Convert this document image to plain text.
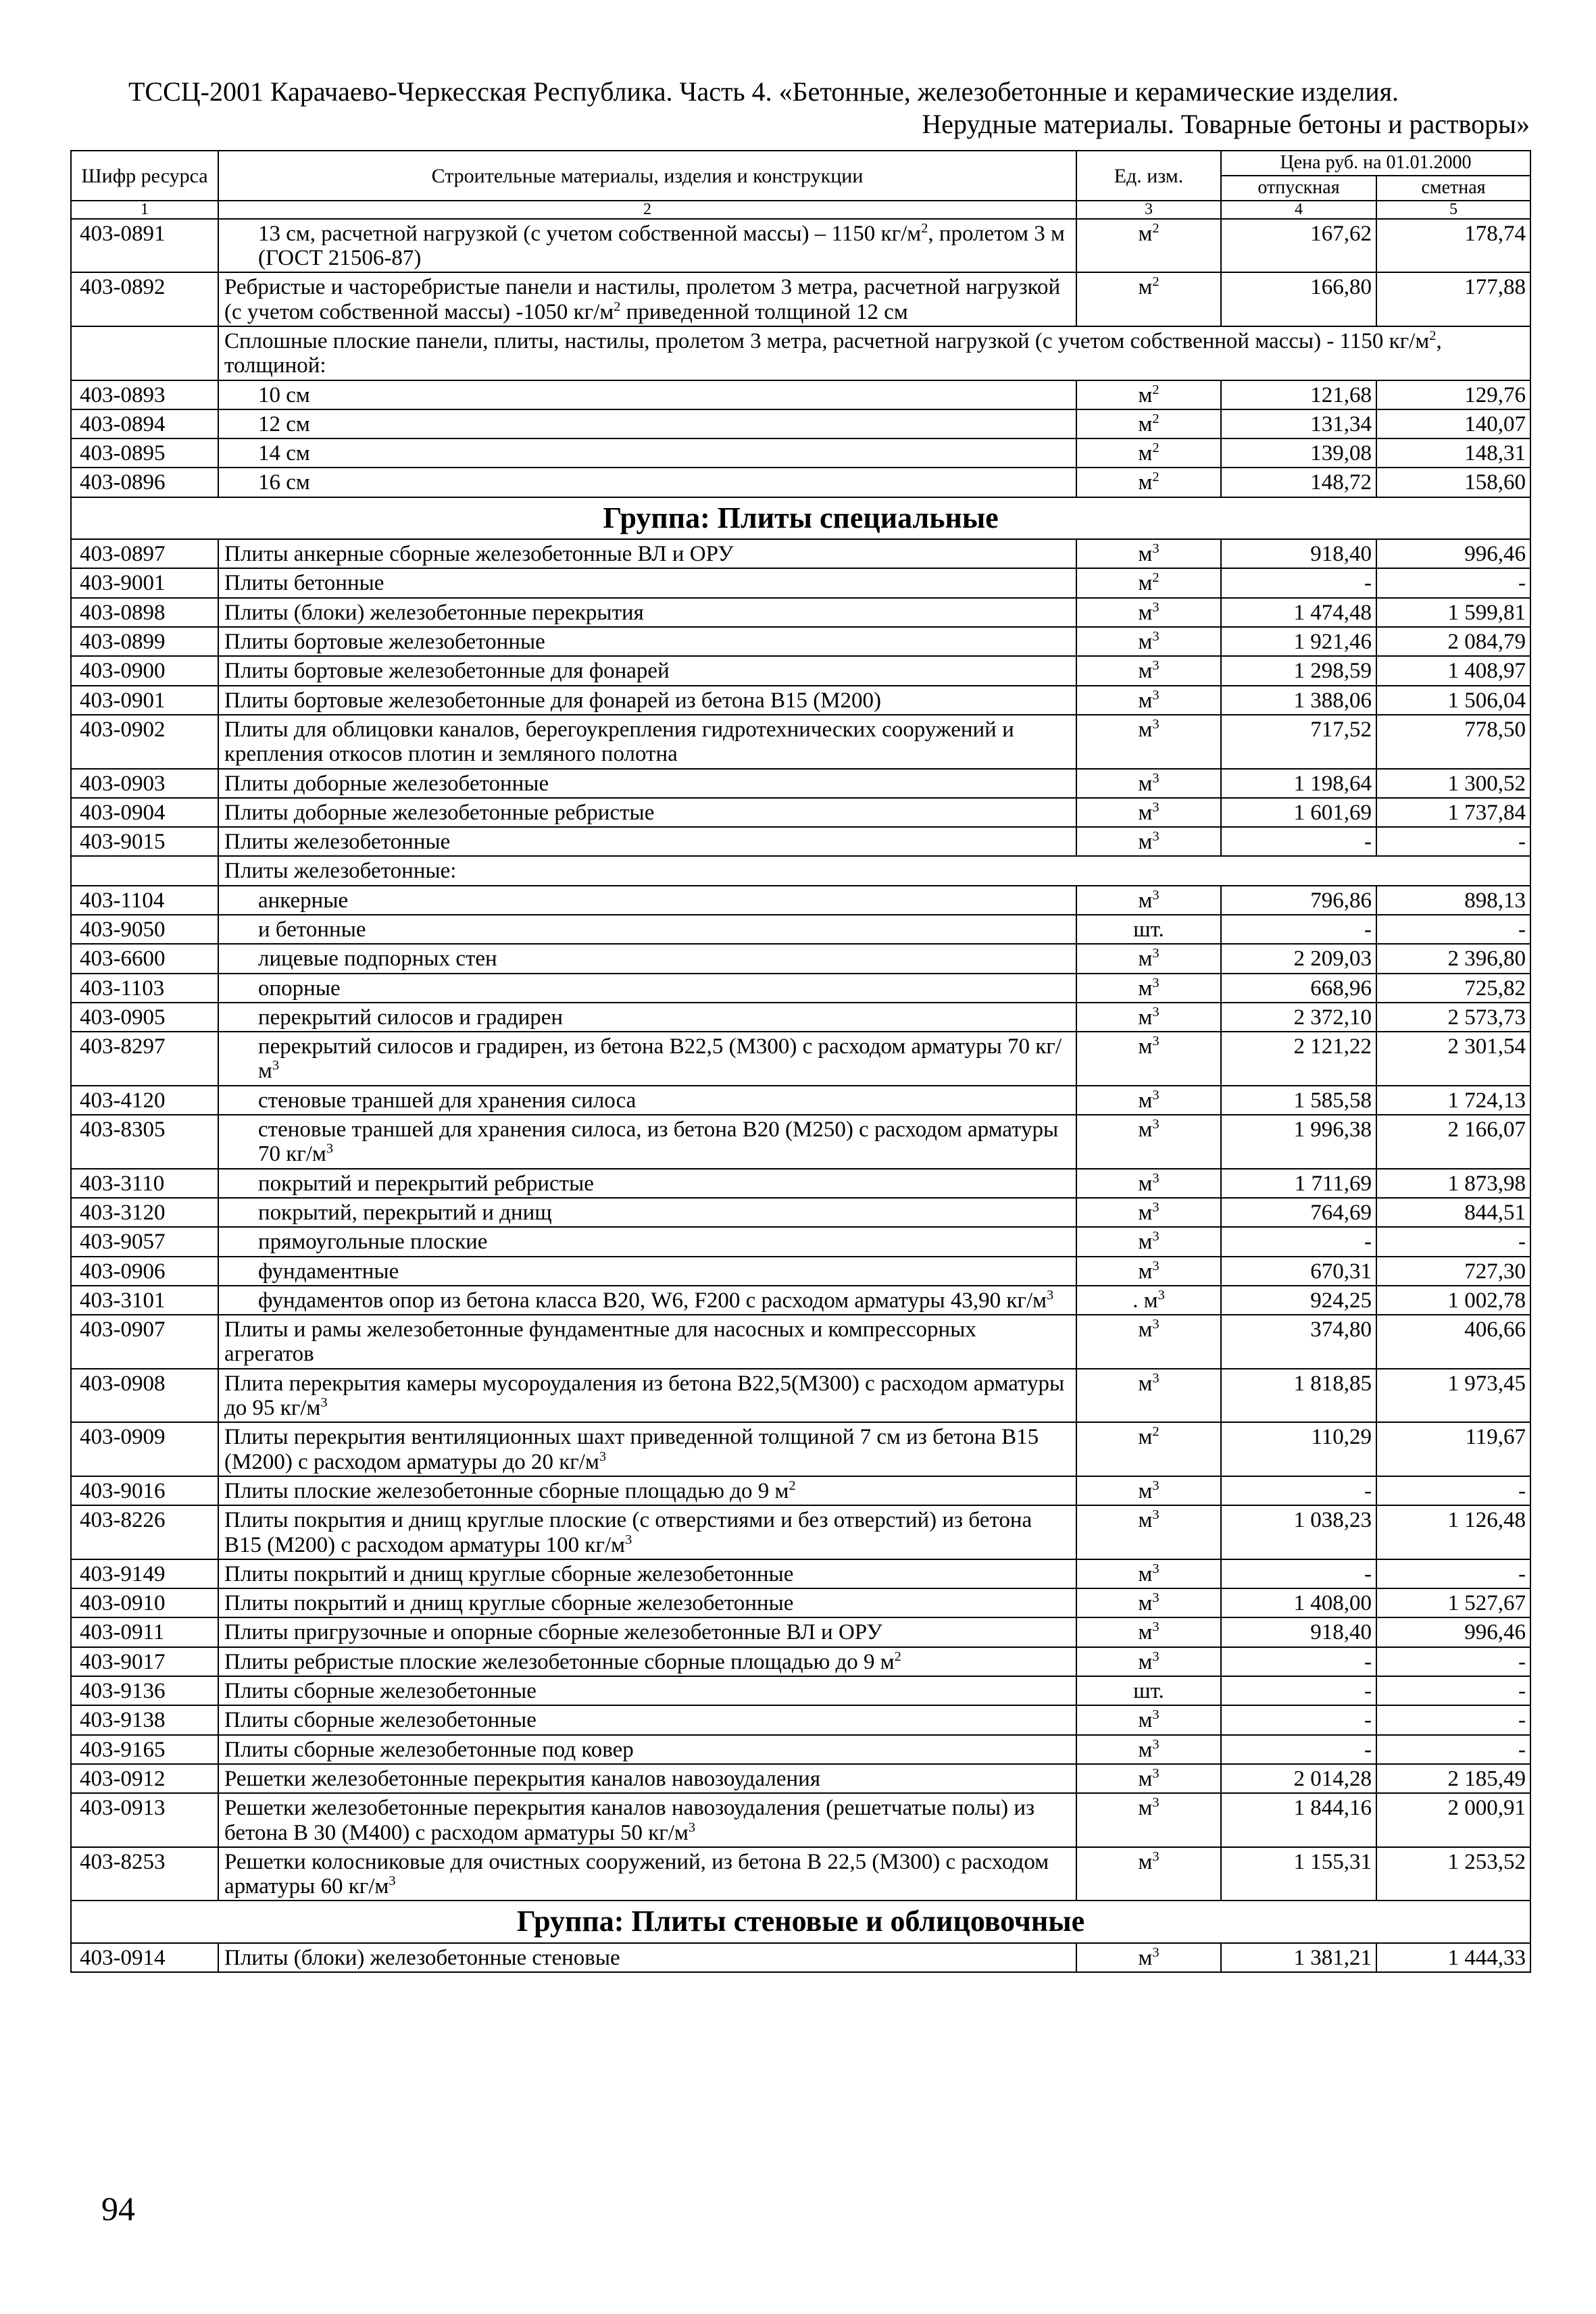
ТССЦ-2001 Карачаево-Черкесская Республика. Часть 4. «Бетонные, железобетонные и керамические изделия.
Нерудные материалы. Товарные бетоны и растворы»
Шифр ресурса	Строительные материалы, изделия и конструкции	Ед. изм.	Цена руб. на 01.01.2000	
			отпускная	сметная
1	2	3	4	5
403-0891	13 см, расчетной нагрузкой (с учетом собственной массы) – 1150 $кг/м^2$, пролетом 3 м (ГОСТ 21506-87)	$м^2$	167,62	178,74
403-0892	Ребристые и часторебристые панели и настилы, пролетом 3 метра, расчетной нагрузкой (с учетом собственной массы) -1050 $кг/м^2$ приведенной толщиной 12 см	$м^2$	166,80	177,88
	Сплошные плоские панели, плиты, настилы, пролетом 3 метра, расчетной нагрузкой (с учетом собственной массы) - 1150 $кг/м^2$, толщиной:			
403-0893	10 см	$м^2$	121,68	129,76
403-0894	12 см	$м^2$	131,34	140,07
403-0895	14 см	$м^2$	139,08	148,31
403-0896	16 см	$м^2$	148,72	158,60
Группа: Плиты специальные				
403-0897	Плиты анкерные сборные железобетонные ВЛ и ОРУ	$м^3$	918,40	996,46
403-9001	Плиты бетонные	$м^2$	-	-
403-0898	Плиты (блоки) железобетонные перекрытия	$м^3$	1 474,48	1 599,81
403-0899	Плиты бортовые железобетонные	$м^3$	1 921,46	2 084,79
403-0900	Плиты бортовые железобетонные для фонарей	$м^3$	1 298,59	1 408,97
403-0901	Плиты бортовые железобетонные для фонарей из бетона В15 (М200)	$м^3$	1 388,06	1 506,04
403-0902	Плиты для облицовки каналов, берегоукрепления гидротехнических сооружений и крепления откосов плотин и земляного полотна	$м^3$	717,52	778,50
403-0903	Плиты доборные железобетонные	$м^3$	1 198,64	1 300,52
403-0904	Плиты доборные железобетонные ребристые	$м^3$	1 601,69	1 737,84
403-9015	Плиты железобетонные	$м^3$	-	-
	Плиты железобетонные:			
403-1104	анкерные	$м^3$	796,86	898,13
403-9050	и бетонные	шт.	-	-
403-6600	лицевые подпорных стен	$м^3$	2 209,03	2 396,80
403-1103	опорные	$м^3$	668,96	725,82
403-0905	перекрытий силосов и градирен	$м^3$	2 372,10	2 573,73
403-8297	перекрытий силосов и градирен, из бетона В22,5 (М300) с расходом арматуры 70 $кг/м^3$	$м^3$	2 121,22	2 301,54
403-4120	стеновые траншей для хранения силоса	$м^3$	1 585,58	1 724,13
403-8305	стеновые траншей для хранения силоса, из бетона В20 (М250) с расходом арматуры 70 $кг/м^3$	$м^3$	1 996,38	2 166,07
403-3110	покрытий и перекрытий ребристые	$м^3$	1 711,69	1 873,98
403-3120	покрытий, перекрытий и днищ	$м^3$	764,69	844,51
403-9057	прямоугольные плоские	$м^3$	-	-
403-0906	фундаментные	$м^3$	670,31	727,30
403-3101	фундаментов опор из бетона класса В20, W6, F200 с расходом арматуры 43,90 $кг/м^3$	. $м^3$	924,25	1 002,78
403-0907	Плиты и рамы железобетонные фундаментные для насосных и компрессорных агрегатов	$м^3$	374,80	406,66
403-0908	Плита перекрытия камеры мусороудаления из бетона В22,5(М300) с расходом арматуры до 95 $кг/м^3$	$м^3$	1 818,85	1 973,45
403-0909	Плиты перекрытия вентиляционных шахт приведенной толщиной 7 см из бетона В15 (М200) с расходом арматуры до 20 $кг/м^3$	$м^2$	110,29	119,67
403-9016	Плиты плоские железобетонные сборные площадью до 9 $м^2$	$м^3$	-	-
403-8226	Плиты покрытия и днищ круглые плоские (с отверстиями и без отверстий) из бетона В15 (М200) с расходом арматуры 100 $кг/м^3$	$м^3$	1 038,23	1 126,48
403-9149	Плиты покрытий и днищ круглые сборные железобетонные	$м^3$	-	-
403-0910	Плиты покрытий и днищ круглые сборные железобетонные	$м^3$	1 408,00	1 527,67
403-0911	Плиты пригрузочные и опорные сборные железобетонные ВЛ и ОРУ	$м^3$	918,40	996,46
403-9017	Плиты ребристые плоские железобетонные сборные площадью до 9 $м^2$	$м^3$	-	-
403-9136	Плиты сборные железобетонные	шт.	-	-
403-9138	Плиты сборные железобетонные	$м^3$	-	-
403-9165	Плиты сборные железобетонные под ковер	$м^3$	-	-
403-0912	Решетки железобетонные перекрытия каналов навозоудаления	$м^3$	2 014,28	2 185,49
403-0913	Решетки железобетонные перекрытия каналов навозоудаления (решетчатые полы) из бетона В 30 (М400) с расходом арматуры 50 $кг/м^3$	$м^3$	1 844,16	2 000,91
403-8253	Решетки колосниковые для очистных сооружений, из бетона В 22,5 (М300) с расходом арматуры 60 $кг/м^3$	$м^3$	1 155,31	1 253,52
Группа: Плиты стеновые и облицовочные				
403-0914	Плиты (блоки) железобетонные стеновые	$м^3$	1 381,21	1 444,33
94
